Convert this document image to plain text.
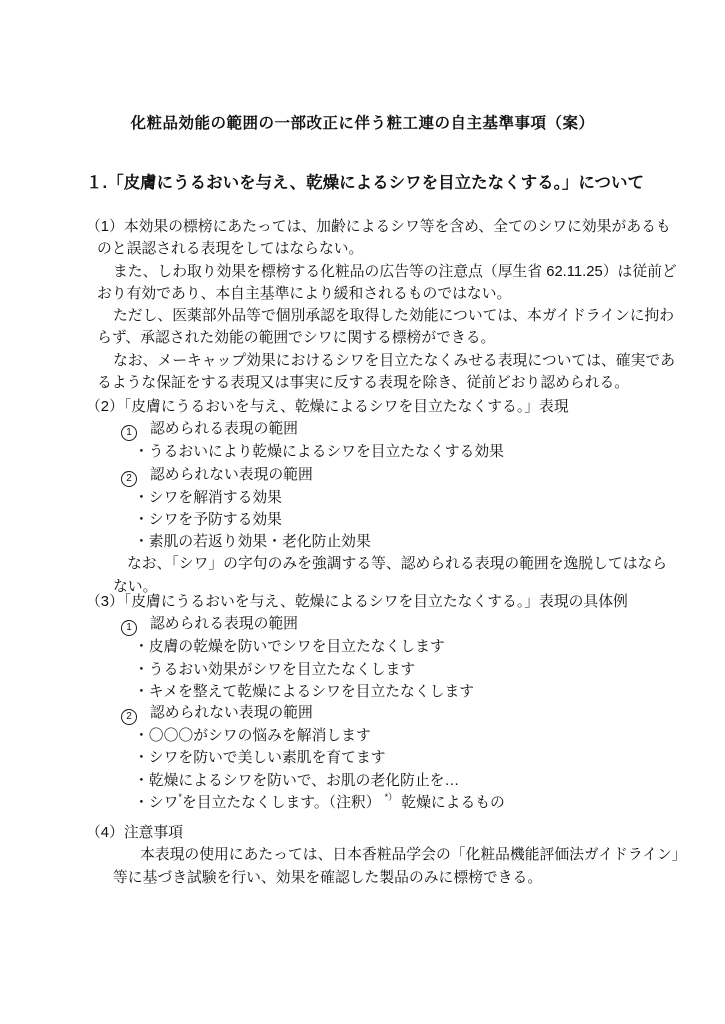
化粧品効能の範囲の一部改正に伴う粧工連の自主基準事項（案）
１.「皮膚にうるおいを与え、乾燥によるシワを目立たなくする。」について
（1）本効果の標榜にあたっては、加齢によるシワ等を含め、全てのシワに効果があるも
のと誤認される表現をしてはならない。
また、しわ取り効果を標榜する化粧品の広告等の注意点（厚生省 62.11.25）は従前ど
おり有効であり、本自主基準により緩和されるものではない。
ただし、医薬部外品等で個別承認を取得した効能については、本ガイドラインに拘わ
らず、承認された効能の範囲でシワに関する標榜ができる。
なお、メーキャップ効果におけるシワを目立たなくみせる表現については、確実であ
るような保証をする表現又は事実に反する表現を除き、従前どおり認められる。
（2）「皮膚にうるおいを与え、乾燥によるシワを目立たなくする。」表現
1 認められる表現の範囲
・うるおいにより乾燥によるシワを目立たなくする効果
2 認められない表現の範囲
・シワを解消する効果
・シワを予防する効果
・素肌の若返り効果・老化防止効果
なお、「シワ」の字句のみを強調する等、認められる表現の範囲を逸脱してはなら
ない。
（3）「皮膚にうるおいを与え、乾燥によるシワを目立たなくする。」表現の具体例
1 認められる表現の範囲
・皮膚の乾燥を防いでシワを目立たなくします
・うるおい効果がシワを目立たなくします
・キメを整えて乾燥によるシワを目立たなくします
2 認められない表現の範囲
・〇〇〇がシワの悩みを解消します
・シワを防いで美しい素肌を育てます
・乾燥によるシワを防いで、お肌の老化防止を…
・シワ*を目立たなくします。（注釈） *） 乾燥によるもの
（4）注意事項
本表現の使用にあたっては、日本香粧品学会の「化粧品機能評価法ガイドライン」
等に基づき試験を行い、効果を確認した製品のみに標榜できる。
